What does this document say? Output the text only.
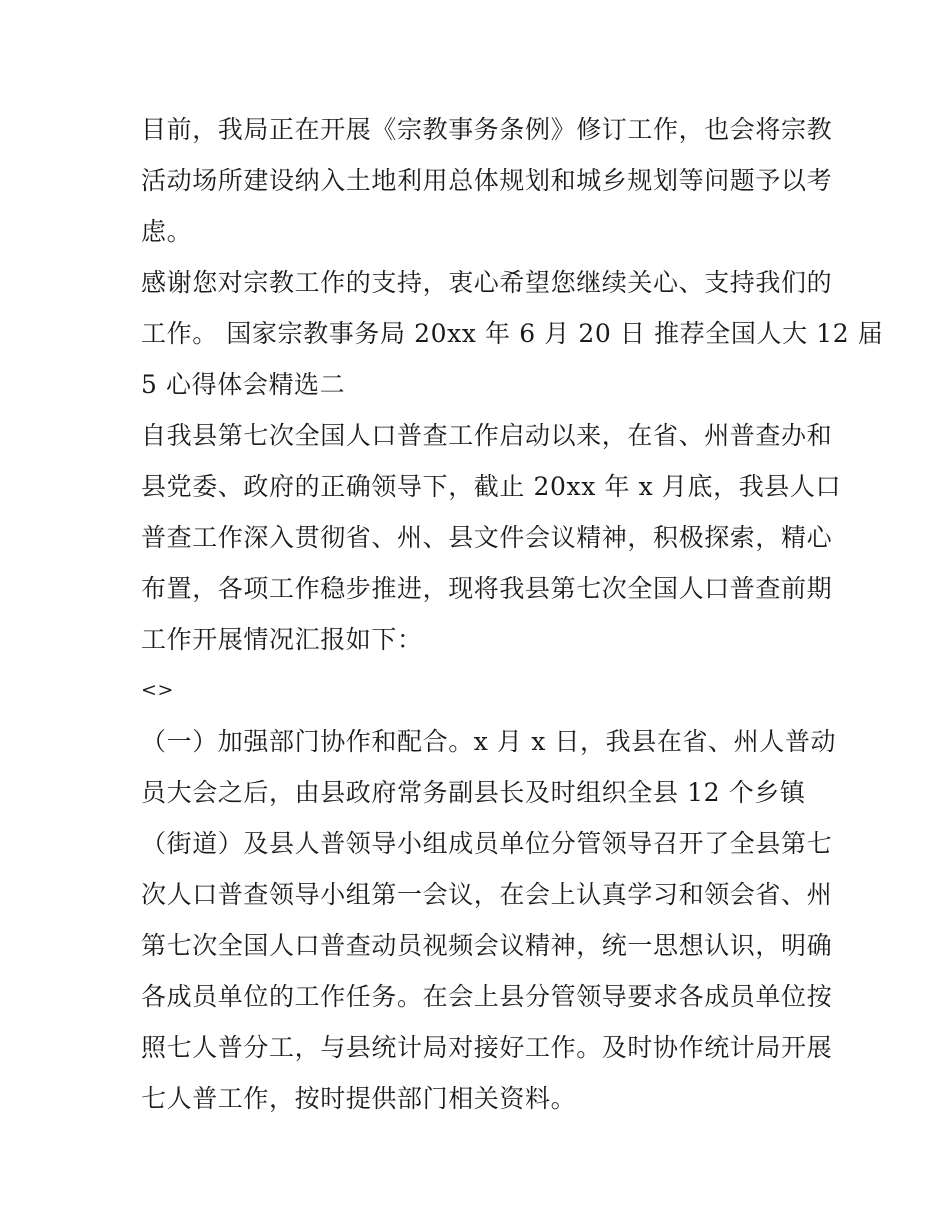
目前，我局正在开展《宗教事务条例》修订工作，也会将宗教
活动场所建设纳入土地利用总体规划和城乡规划等问题予以考
虑。
感谢您对宗教工作的支持，衷心希望您继续关心、支持我们的
工作。 国家宗教事务局 20xx 年 6 月 20 日 推荐全国人大 12 届
5 心得体会精选二
自我县第七次全国人口普查工作启动以来，在省、州普查办和
县党委、政府的正确领导下，截止 20xx 年 x 月底，我县人口
普查工作深入贯彻省、州、县文件会议精神，积极探索，精心
布置，各项工作稳步推进，现将我县第七次全国人口普查前期
工作开展情况汇报如下：
<>
（一）加强部门协作和配合。x 月 x 日，我县在省、州人普动
员大会之后，由县政府常务副县长及时组织全县 12 个乡镇
（街道）及县人普领导小组成员单位分管领导召开了全县第七
次人口普查领导小组第一会议，在会上认真学习和领会省、州
第七次全国人口普查动员视频会议精神，统一思想认识，明确
各成员单位的工作任务。在会上县分管领导要求各成员单位按
照七人普分工，与县统计局对接好工作。及时协作统计局开展
七人普工作，按时提供部门相关资料。
